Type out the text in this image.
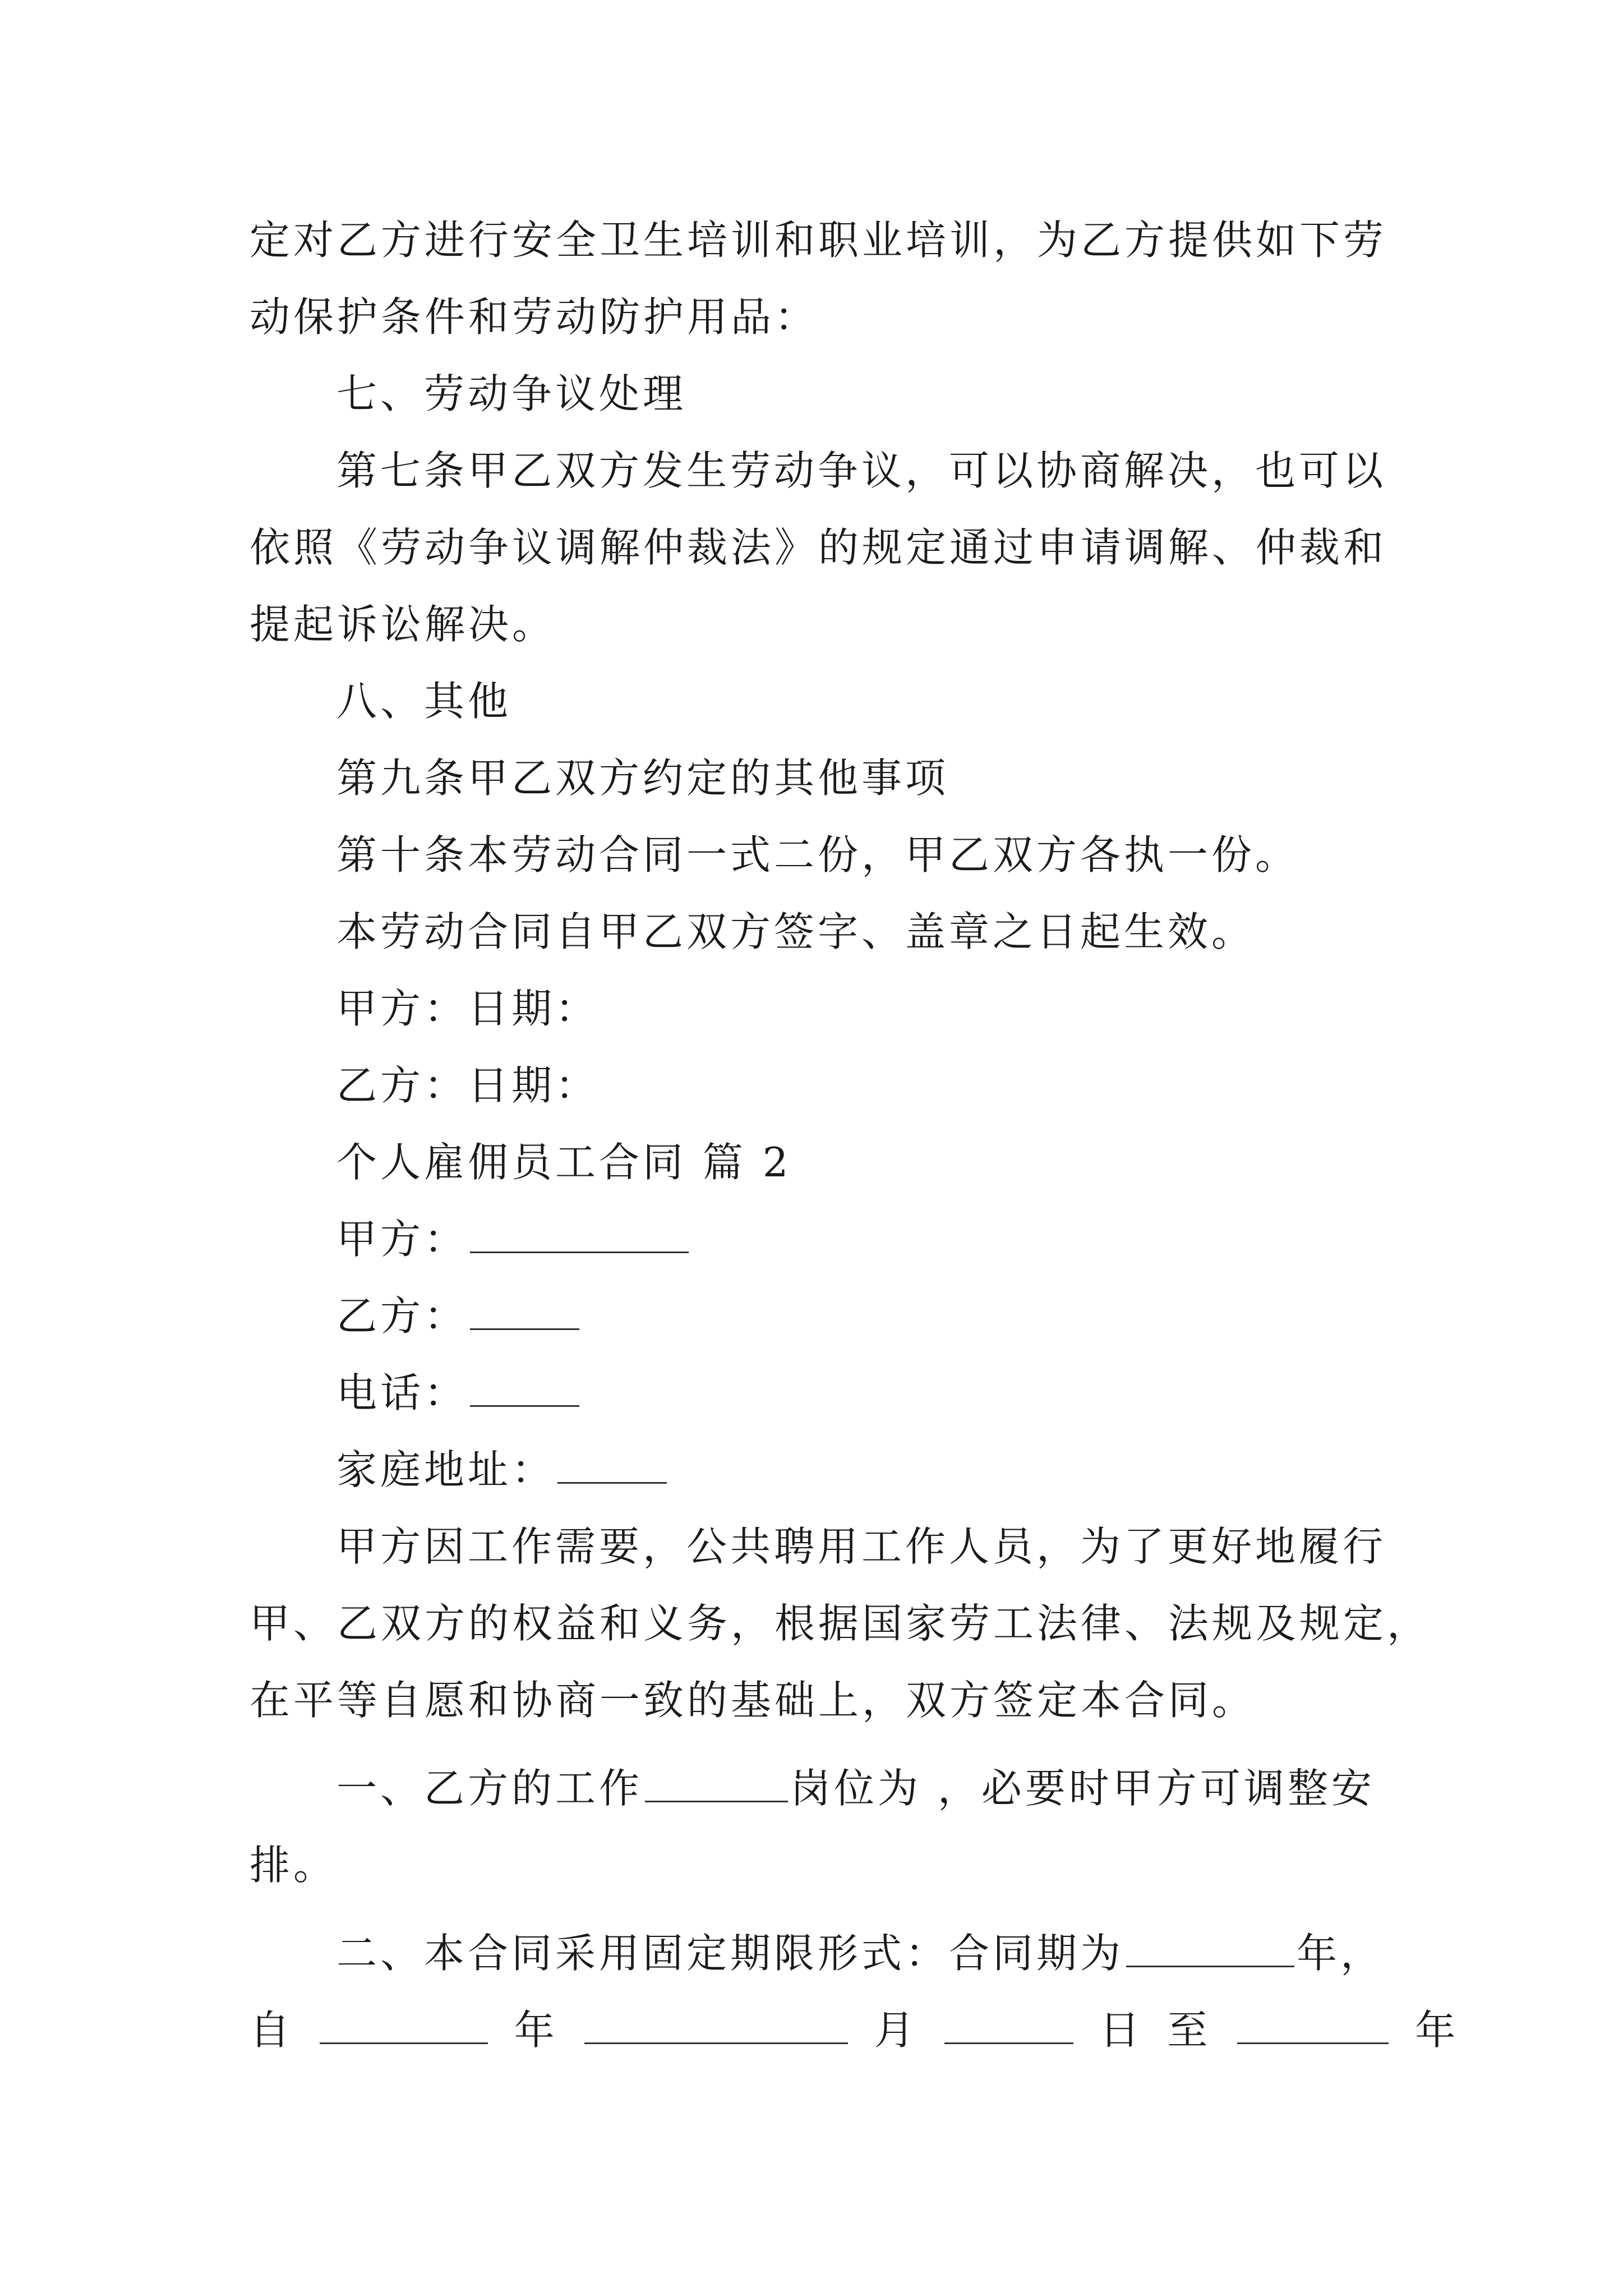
定对乙方进行安全卫生培训和职业培训，为乙方提供如下劳
动保护条件和劳动防护用品：
七、劳动争议处理
第七条甲乙双方发生劳动争议，可以协商解决，也可以
依照《劳动争议调解仲裁法》的规定通过申请调解、仲裁和
提起诉讼解决。
八、其他
第九条甲乙双方约定的其他事项
第十条本劳动合同一式二份，甲乙双方各执一份。
本劳动合同自甲乙双方签字、盖章之日起生效。
甲方：日期：
乙方：日期：
个人雇佣员工合同 篇 2
甲方：
乙方：
电话：
家庭地址：
甲方因工作需要，公共聘用工作人员，为了更好地履行
甲、乙双方的权益和义务，根据国家劳工法律、法规及规定，
在平等自愿和协商一致的基础上，双方签定本合同。
一、乙方的工作	岗位为 ，必要时甲方可调整安
排。
二、本合同采用固定期限形式：合同期为	年，
自	年	月	日 至	年
